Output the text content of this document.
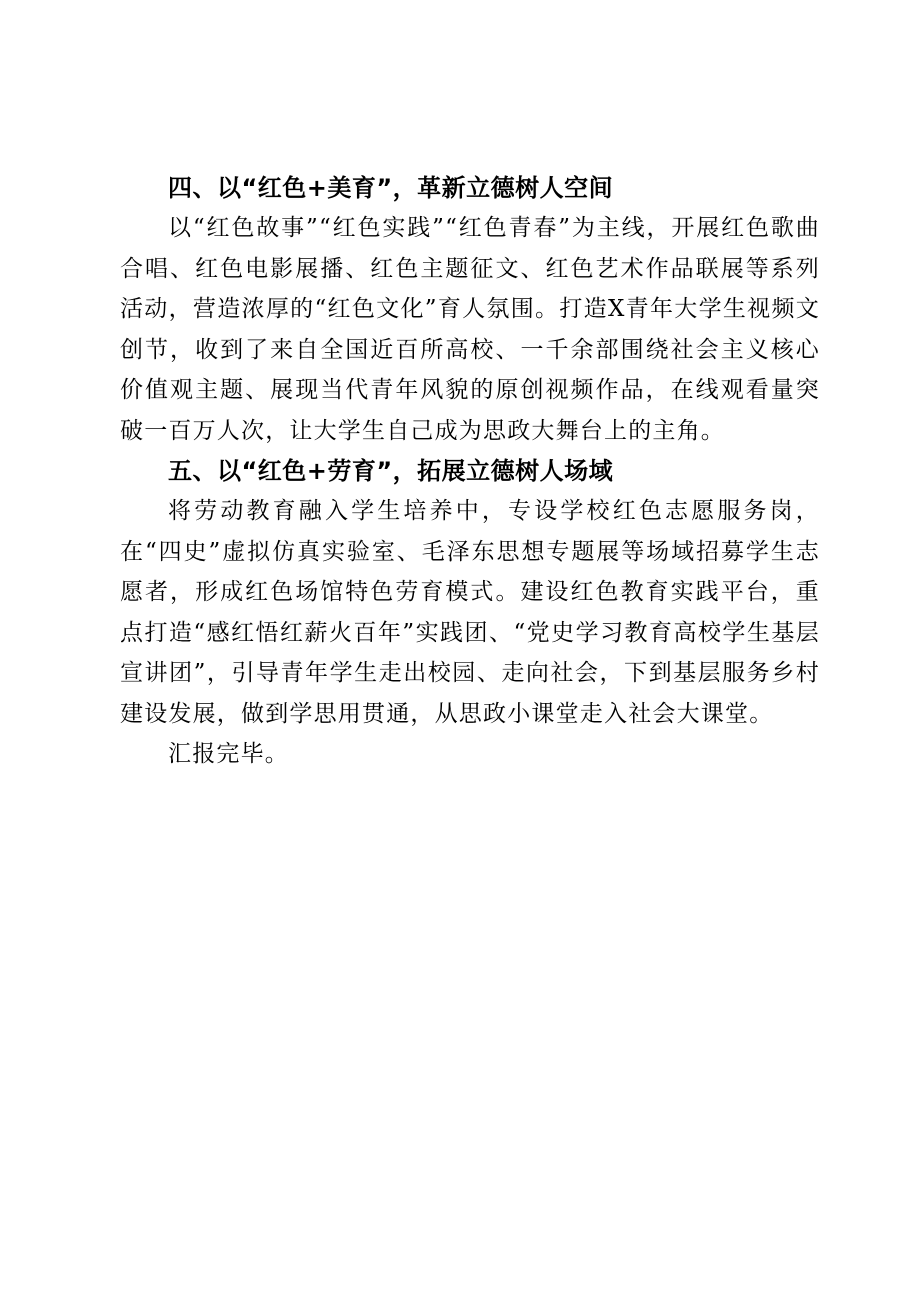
四、以“红色+美育”，革新立德树人空间

以“红色故事”“红色实践”“红色青春”为主线，开展红色歌曲合唱、红色电影展播、红色主题征文、红色艺术作品联展等系列活动，营造浓厚的“红色文化”育人氛围。打造X青年大学生视频文创节，收到了来自全国近百所高校、一千余部围绕社会主义核心价值观主题、展现当代青年风貌的原创视频作品，在线观看量突破一百万人次，让大学生自己成为思政大舞台上的主角。

五、以“红色+劳育”，拓展立德树人场域

将劳动教育融入学生培养中，专设学校红色志愿服务岗，在“四史”虚拟仿真实验室、毛泽东思想专题展等场域招募学生志愿者，形成红色场馆特色劳育模式。建设红色教育实践平台，重点打造“感红悟红薪火百年”实践团、“党史学习教育高校学生基层宣讲团”，引导青年学生走出校园、走向社会，下到基层服务乡村建设发展，做到学思用贯通，从思政小课堂走入社会大课堂。

汇报完毕。
